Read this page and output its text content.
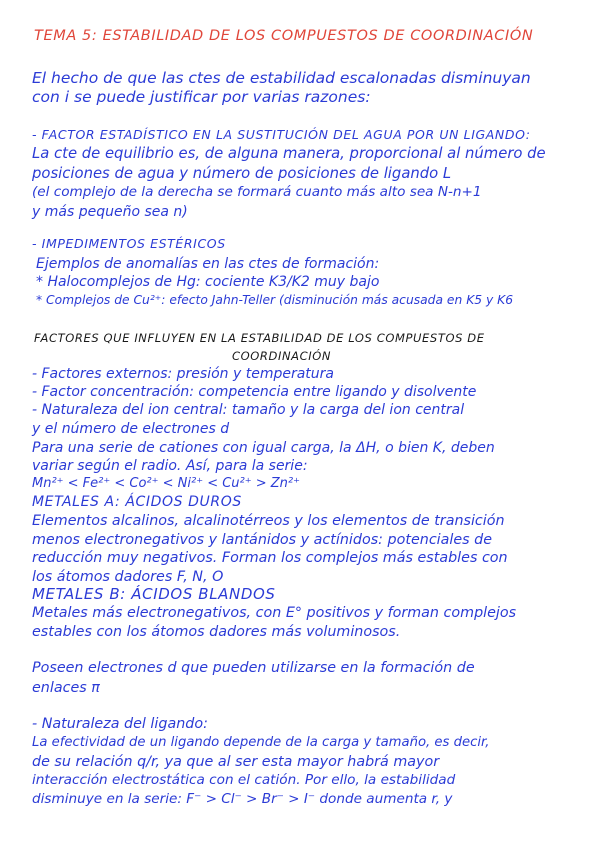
TEMA 5: ESTABILIDAD DE LOS COMPUESTOS DE COORDINACIÓN
El hecho de que las ctes de estabilidad escalonadas disminuyan
con i se puede justificar por varias razones:
- FACTOR ESTADÍSTICO EN LA SUSTITUCIÓN DEL AGUA POR UN LIGANDO:
La cte de equilibrio es, de alguna manera, proporcional al número de
posiciones de agua y número de posiciones de ligando L
(el complejo de la derecha se formará cuanto más alto sea N-n+1
y más pequeño sea n)
- IMPEDIMENTOS ESTÉRICOS
Ejemplos de anomalías en las ctes de formación:
* Halocomplejos de Hg: cociente K3/K2 muy bajo
* Complejos de Cu²⁺: efecto Jahn-Teller (disminución más acusada en K5 y K6
FACTORES QUE INFLUYEN EN LA ESTABILIDAD DE LOS COMPUESTOS DE
COORDINACIÓN
- Factores externos: presión y temperatura
- Factor concentración: competencia entre ligando y disolvente
- Naturaleza del ion central: tamaño y la carga del ion central
y el número de electrones d
Para una serie de cationes con igual carga, la ΔH, o bien K, deben
variar según el radio. Así, para la serie:
Mn²⁺ < Fe²⁺ < Co²⁺ < Ni²⁺ < Cu²⁺ > Zn²⁺
METALES A: ÁCIDOS DUROS
Elementos alcalinos, alcalinotérreos y los elementos de transición
menos electronegativos y lantánidos y actínidos: potenciales de
reducción muy negativos. Forman los complejos más estables con
los átomos dadores F, N, O
METALES B: ÁCIDOS BLANDOS
Metales más electronegativos, con E° positivos y forman complejos
estables con los átomos dadores más voluminosos.
Poseen electrones d que pueden utilizarse en la formación de
enlaces π
- Naturaleza del ligando:
La efectividad de un ligando depende de la carga y tamaño, es decir,
de su relación q/r, ya que al ser esta mayor habrá mayor
interacción electrostática con el catión. Por ello, la estabilidad
disminuye en la serie: F⁻ > Cl⁻ > Br⁻ > I⁻ donde aumenta r, y
